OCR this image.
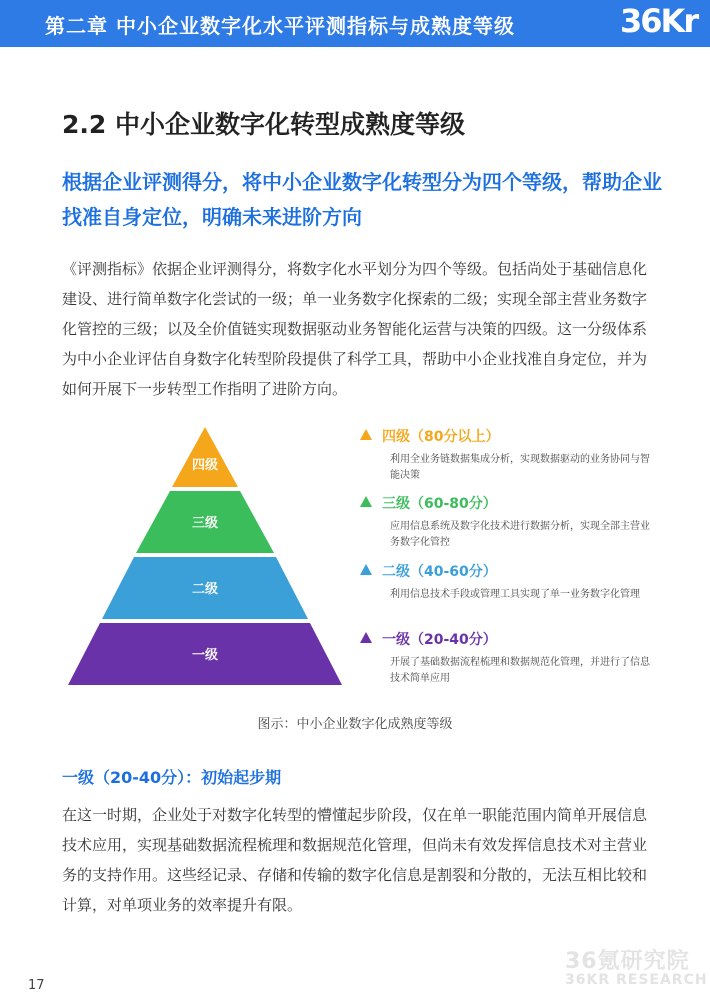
第二章 中小企业数字化水平评测指标与成熟度等级	36Kr
2.2 中小企业数字化转型成熟度等级
根据企业评测得分，将中小企业数字化转型分为四个等级，帮助企业找准自身定位，明确未来进阶方向
《评测指标》依据企业评测得分，将数字化水平划分为四个等级。包括尚处于基础信息化建设、进行简单数字化尝试的一级；单一业务数字化探索的二级；实现全部主营业务数字化管控的三级；以及全价值链实现数据驱动业务智能化运营与决策的四级。这一分级体系为中小企业评估自身数字化转型阶段提供了科学工具，帮助中小企业找准自身定位，并为如何开展下一步转型工作指明了进阶方向。
四级
三级
二级
一级
四级（80分以上）
利用全业务链数据集成分析，实现数据驱动的业务协同与智能决策
三级（60-80分）
应用信息系统及数字化技术进行数据分析，实现全部主营业务数字化管控
二级（40-60分）
利用信息技术手段或管理工具实现了单一业务数字化管理
一级（20-40分）
开展了基础数据流程梳理和数据规范化管理，并进行了信息技术简单应用
图示：中小企业数字化成熟度等级
一级（20-40分）：初始起步期
在这一时期，企业处于对数字化转型的懵懂起步阶段，仅在单一职能范围内简单开展信息技术应用，实现基础数据流程梳理和数据规范化管理，但尚未有效发挥信息技术对主营业务的支持作用。这些经记录、存储和传输的数字化信息是割裂和分散的，无法互相比较和计算，对单项业务的效率提升有限。
36氪研究院
36KR RESEARCH
17
